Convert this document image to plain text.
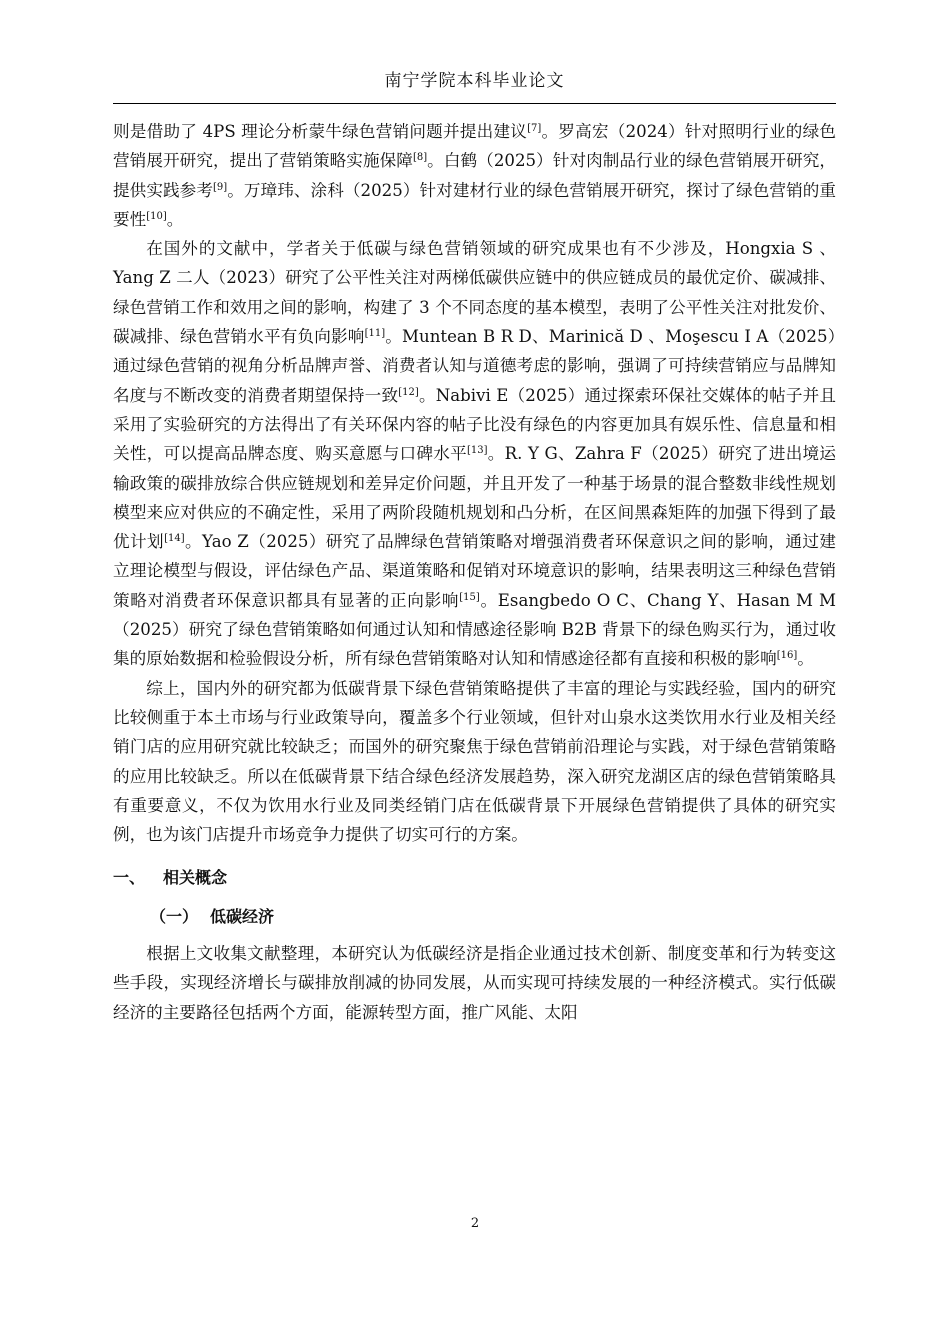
南宁学院本科毕业论文

则是借助了 4PS 理论分析蒙牛绿色营销问题并提出建议[7]。罗高宏（2024）针对照明行业的绿色营销展开研究，提出了营销策略实施保障[8]。白鹤（2025）针对肉制品行业的绿色营销展开研究，提供实践参考[9]。万璋玮、涂科（2025）针对建材行业的绿色营销展开研究，探讨了绿色营销的重要性[10]。

在国外的文献中，学者关于低碳与绿色营销领域的研究成果也有不少涉及，Hongxia S 、Yang Z 二人（2023）研究了公平性关注对两梯低碳供应链中的供应链成员的最优定价、碳减排、绿色营销工作和效用之间的影响，构建了 3 个不同态度的基本模型，表明了公平性关注对批发价、碳减排、绿色营销水平有负向影响[11]。Muntean B R D、Marinică D 、Moşescu I A（2025）通过绿色营销的视角分析品牌声誉、消费者认知与道德考虑的影响，强调了可持续营销应与品牌知名度与不断改变的消费者期望保持一致[12]。Nabivi E（2025）通过探索环保社交媒体的帖子并且采用了实验研究的方法得出了有关环保内容的帖子比没有绿色的内容更加具有娱乐性、信息量和相关性，可以提高品牌态度、购买意愿与口碑水平[13]。R. Y G、Zahra F（2025）研究了进出境运输政策的碳排放综合供应链规划和差异定价问题，并且开发了一种基于场景的混合整数非线性规划模型来应对供应的不确定性，采用了两阶段随机规划和凸分析，在区间黑森矩阵的加强下得到了最优计划[14]。Yao Z（2025）研究了品牌绿色营销策略对增强消费者环保意识之间的影响，通过建立理论模型与假设，评估绿色产品、渠道策略和促销对环境意识的影响，结果表明这三种绿色营销策略对消费者环保意识都具有显著的正向影响[15]。Esangbedo O C、Chang Y、Hasan M M（2025）研究了绿色营销策略如何通过认知和情感途径影响 B2B 背景下的绿色购买行为，通过收集的原始数据和检验假设分析，所有绿色营销策略对认知和情感途径都有直接和积极的影响[16]。

综上，国内外的研究都为低碳背景下绿色营销策略提供了丰富的理论与实践经验，国内的研究比较侧重于本土市场与行业政策导向，覆盖多个行业领域，但针对山泉水这类饮用水行业及相关经销门店的应用研究就比较缺乏；而国外的研究聚焦于绿色营销前沿理论与实践，对于绿色营销策略的应用比较缺乏。所以在低碳背景下结合绿色经济发展趋势，深入研究龙湖区店的绿色营销策略具有重要意义，不仅为饮用水行业及同类经销门店在低碳背景下开展绿色营销提供了具体的研究实例，也为该门店提升市场竞争力提供了切实可行的方案。

一、 相关概念

（一） 低碳经济

根据上文收集文献整理，本研究认为低碳经济是指企业通过技术创新、制度变革和行为转变这些手段，实现经济增长与碳排放削减的协同发展，从而实现可持续发展的一种经济模式。实行低碳经济的主要路径包括两个方面，能源转型方面，推广风能、太阳

2
